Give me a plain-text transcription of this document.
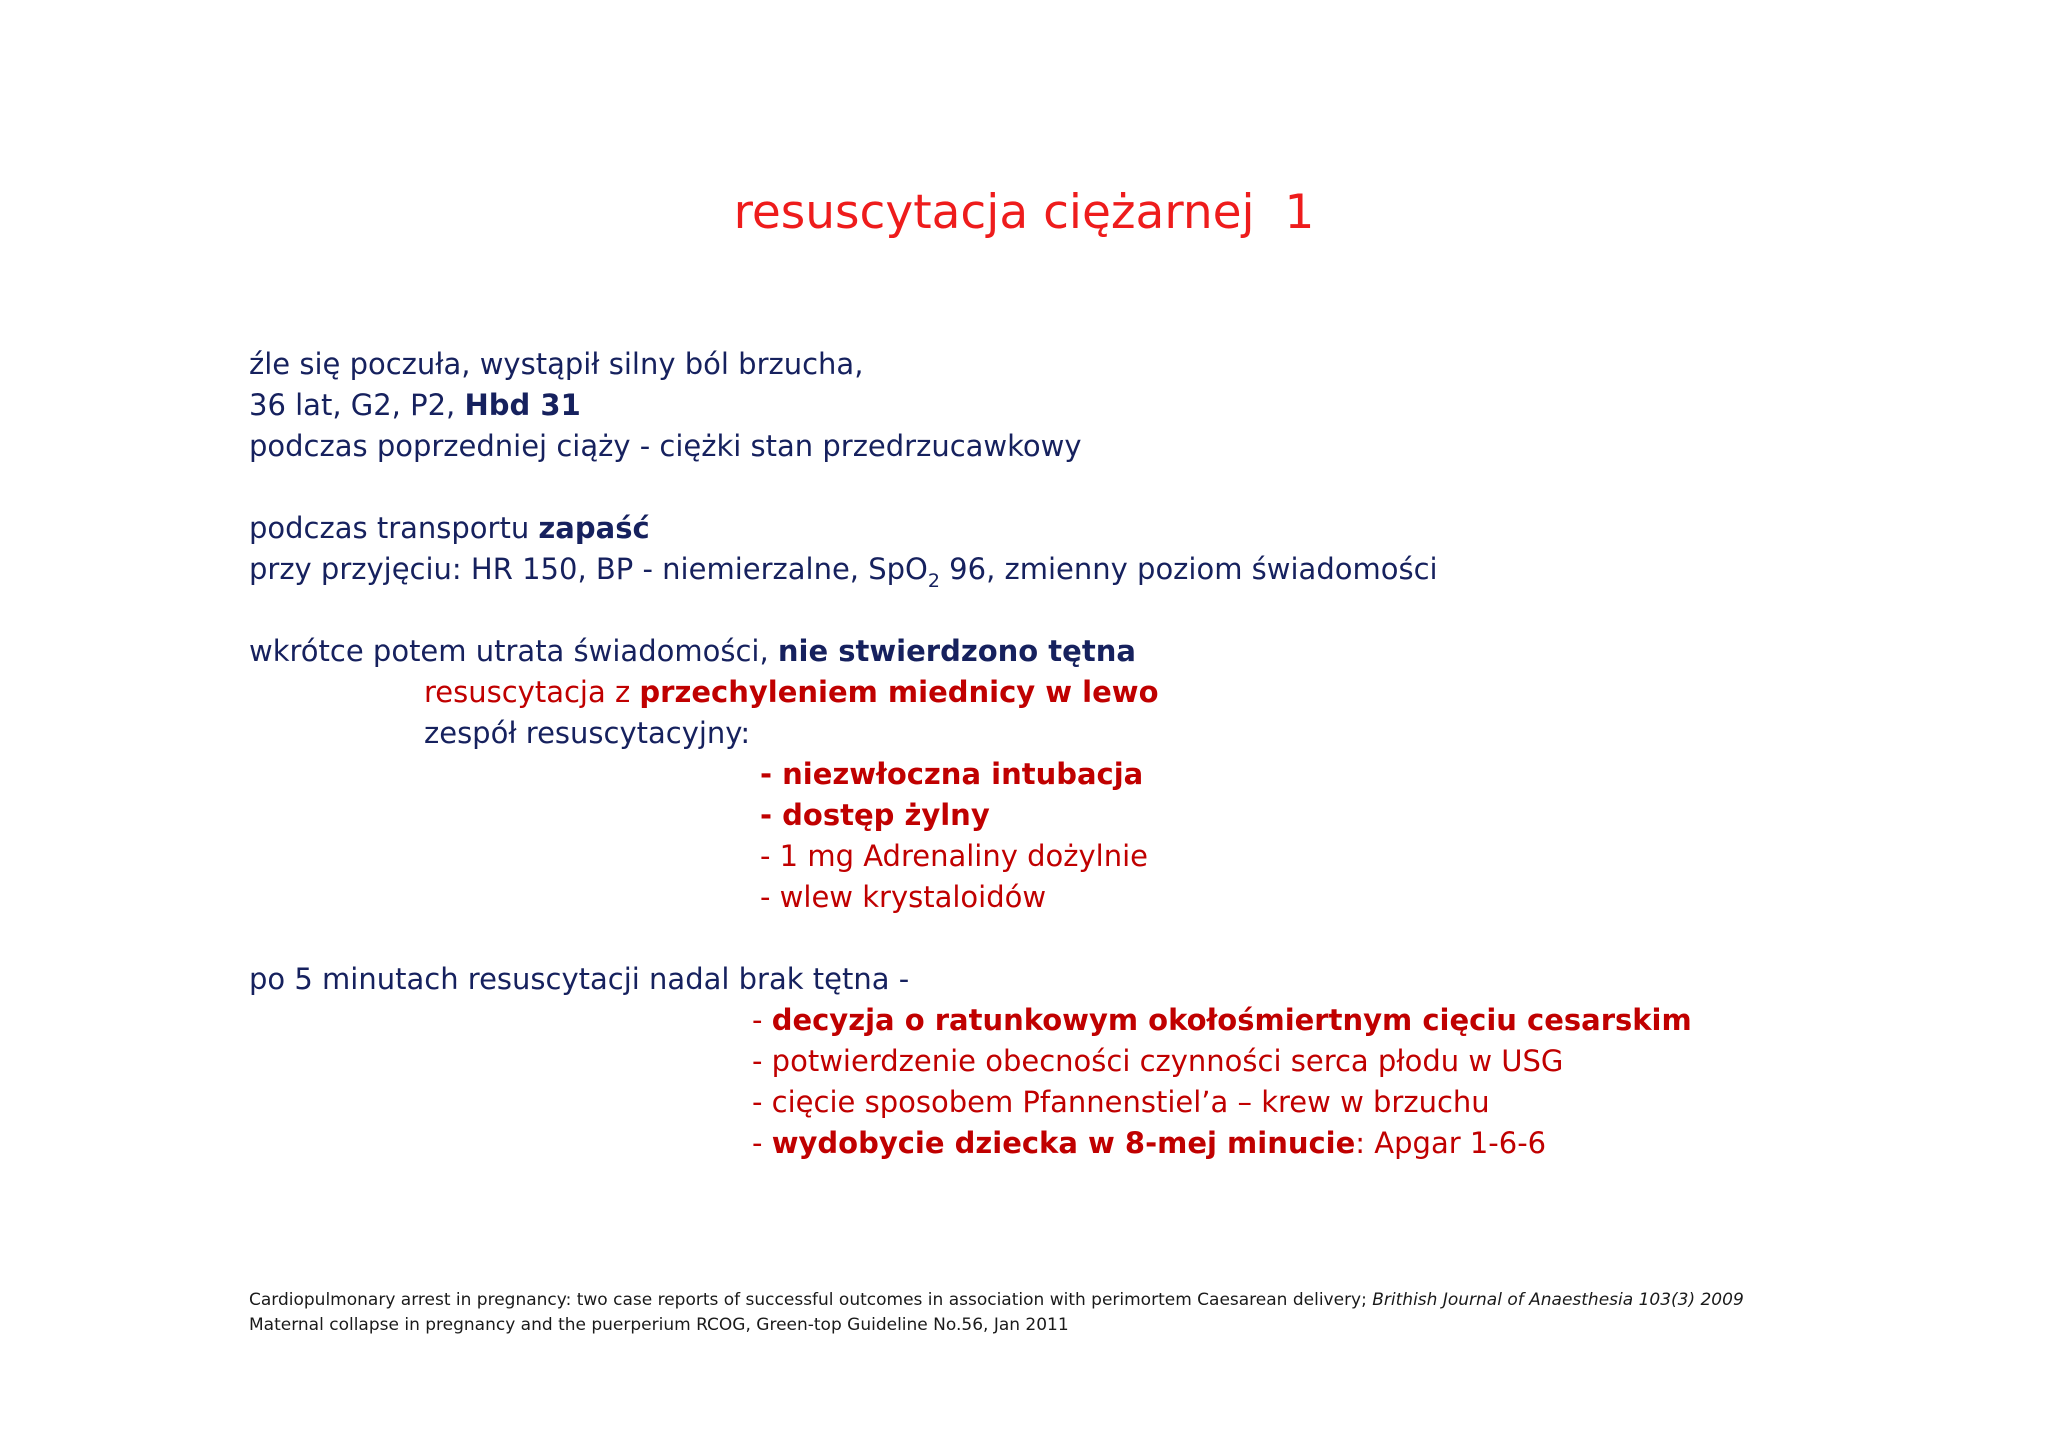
resuscytacja ciężarnej  1
źle się poczuła, wystąpił silny ból brzucha,
36 lat, G2, P2, Hbd 31
podczas poprzedniej ciąży - ciężki stan przedrzucawkowy
podczas transportu zapaść
przy przyjęciu: HR 150, BP - niemierzalne, SpO$_2$ 96, zmienny poziom świadomości
wkrótce potem utrata świadomości, nie stwierdzono tętna
resuscytacja z przechyleniem miednicy w lewo
zespół resuscytacyjny:
- niezwłoczna intubacja
- dostęp żylny
- 1 mg Adrenaliny dożylnie
- wlew krystaloidów
po 5 minutach resuscytacji nadal brak tętna -
- decyzja o ratunkowym okołośmiertnym cięciu cesarskim
- potwierdzenie obecności czynności serca płodu w USG
- cięcie sposobem Pfannenstiel’a – krew w brzuchu
- wydobycie dziecka w 8-mej minucie: Apgar 1-6-6
Cardiopulmonary arrest in pregnancy: two case reports of successful outcomes in association with perimortem Caesarean delivery; Brithish Journal of Anaesthesia 103(3) 2009
Maternal collapse in pregnancy and the puerperium RCOG, Green-top Guideline No.56, Jan 2011
